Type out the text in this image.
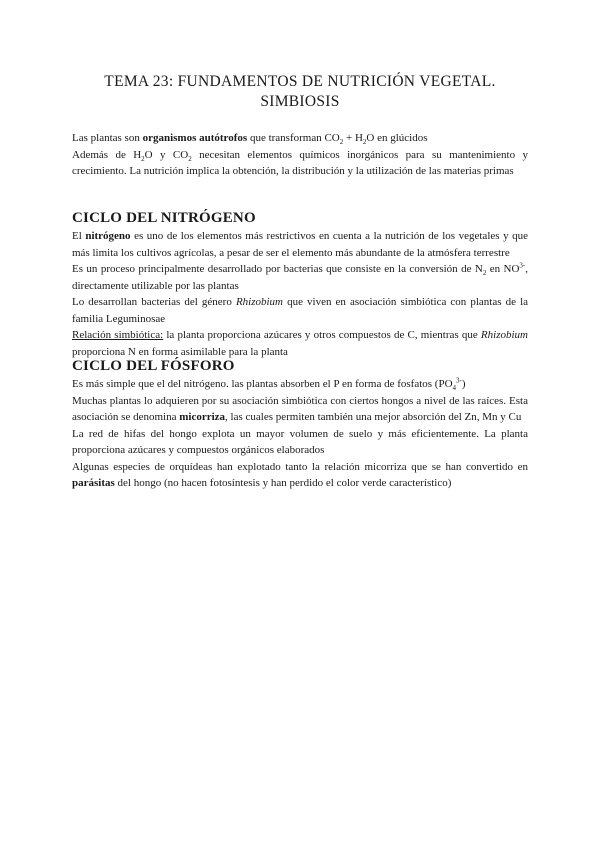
TEMA 23: FUNDAMENTOS DE NUTRICIÓN VEGETAL.
SIMBIOSIS

Las plantas son organismos autótrofos que transforman $CO_2 + H_2O$ en glúcidos

Además de $H_2O$ y $CO_2$ necesitan elementos químicos inorgánicos para su mantenimiento y crecimiento. La nutrición implica la obtención, la distribución y la utilización de las materias primas

CICLO DEL NITRÓGENO

El nitrógeno es uno de los elementos más restrictivos en cuenta a la nutrición de los vegetales y que más limita los cultivos agrícolas, a pesar de ser el elemento más abundante de la atmósfera terrestre

Es un proceso principalmente desarrollado por bacterias que consiste en la conversión de $N_2$ en $NO^{3-}$, directamente utilizable por las plantas

Lo desarrollan bacterias del género Rhizobium que viven en asociación simbiótica con plantas de la familia Leguminosae

Relación simbiótica: la planta proporciona azúcares y otros compuestos de C, mientras que Rhizobium proporciona N en forma asimilable para la planta

CICLO DEL FÓSFORO

Es más simple que el del nitrógeno. las plantas absorben el P en forma de fosfatos $(PO_4^{3-})$

Muchas plantas lo adquieren por su asociación simbiótica con ciertos hongos a nivel de las raíces. Esta asociación se denomina micorriza, las cuales permiten también una mejor absorción del Zn, Mn y Cu

La red de hifas del hongo explota un mayor volumen de suelo y más eficientemente. La planta proporciona azúcares y compuestos orgánicos elaborados

Algunas especies de orquídeas han explotado tanto la relación micorriza que se han convertido en parásitas del hongo (no hacen fotosíntesis y han perdido el color verde característico)
